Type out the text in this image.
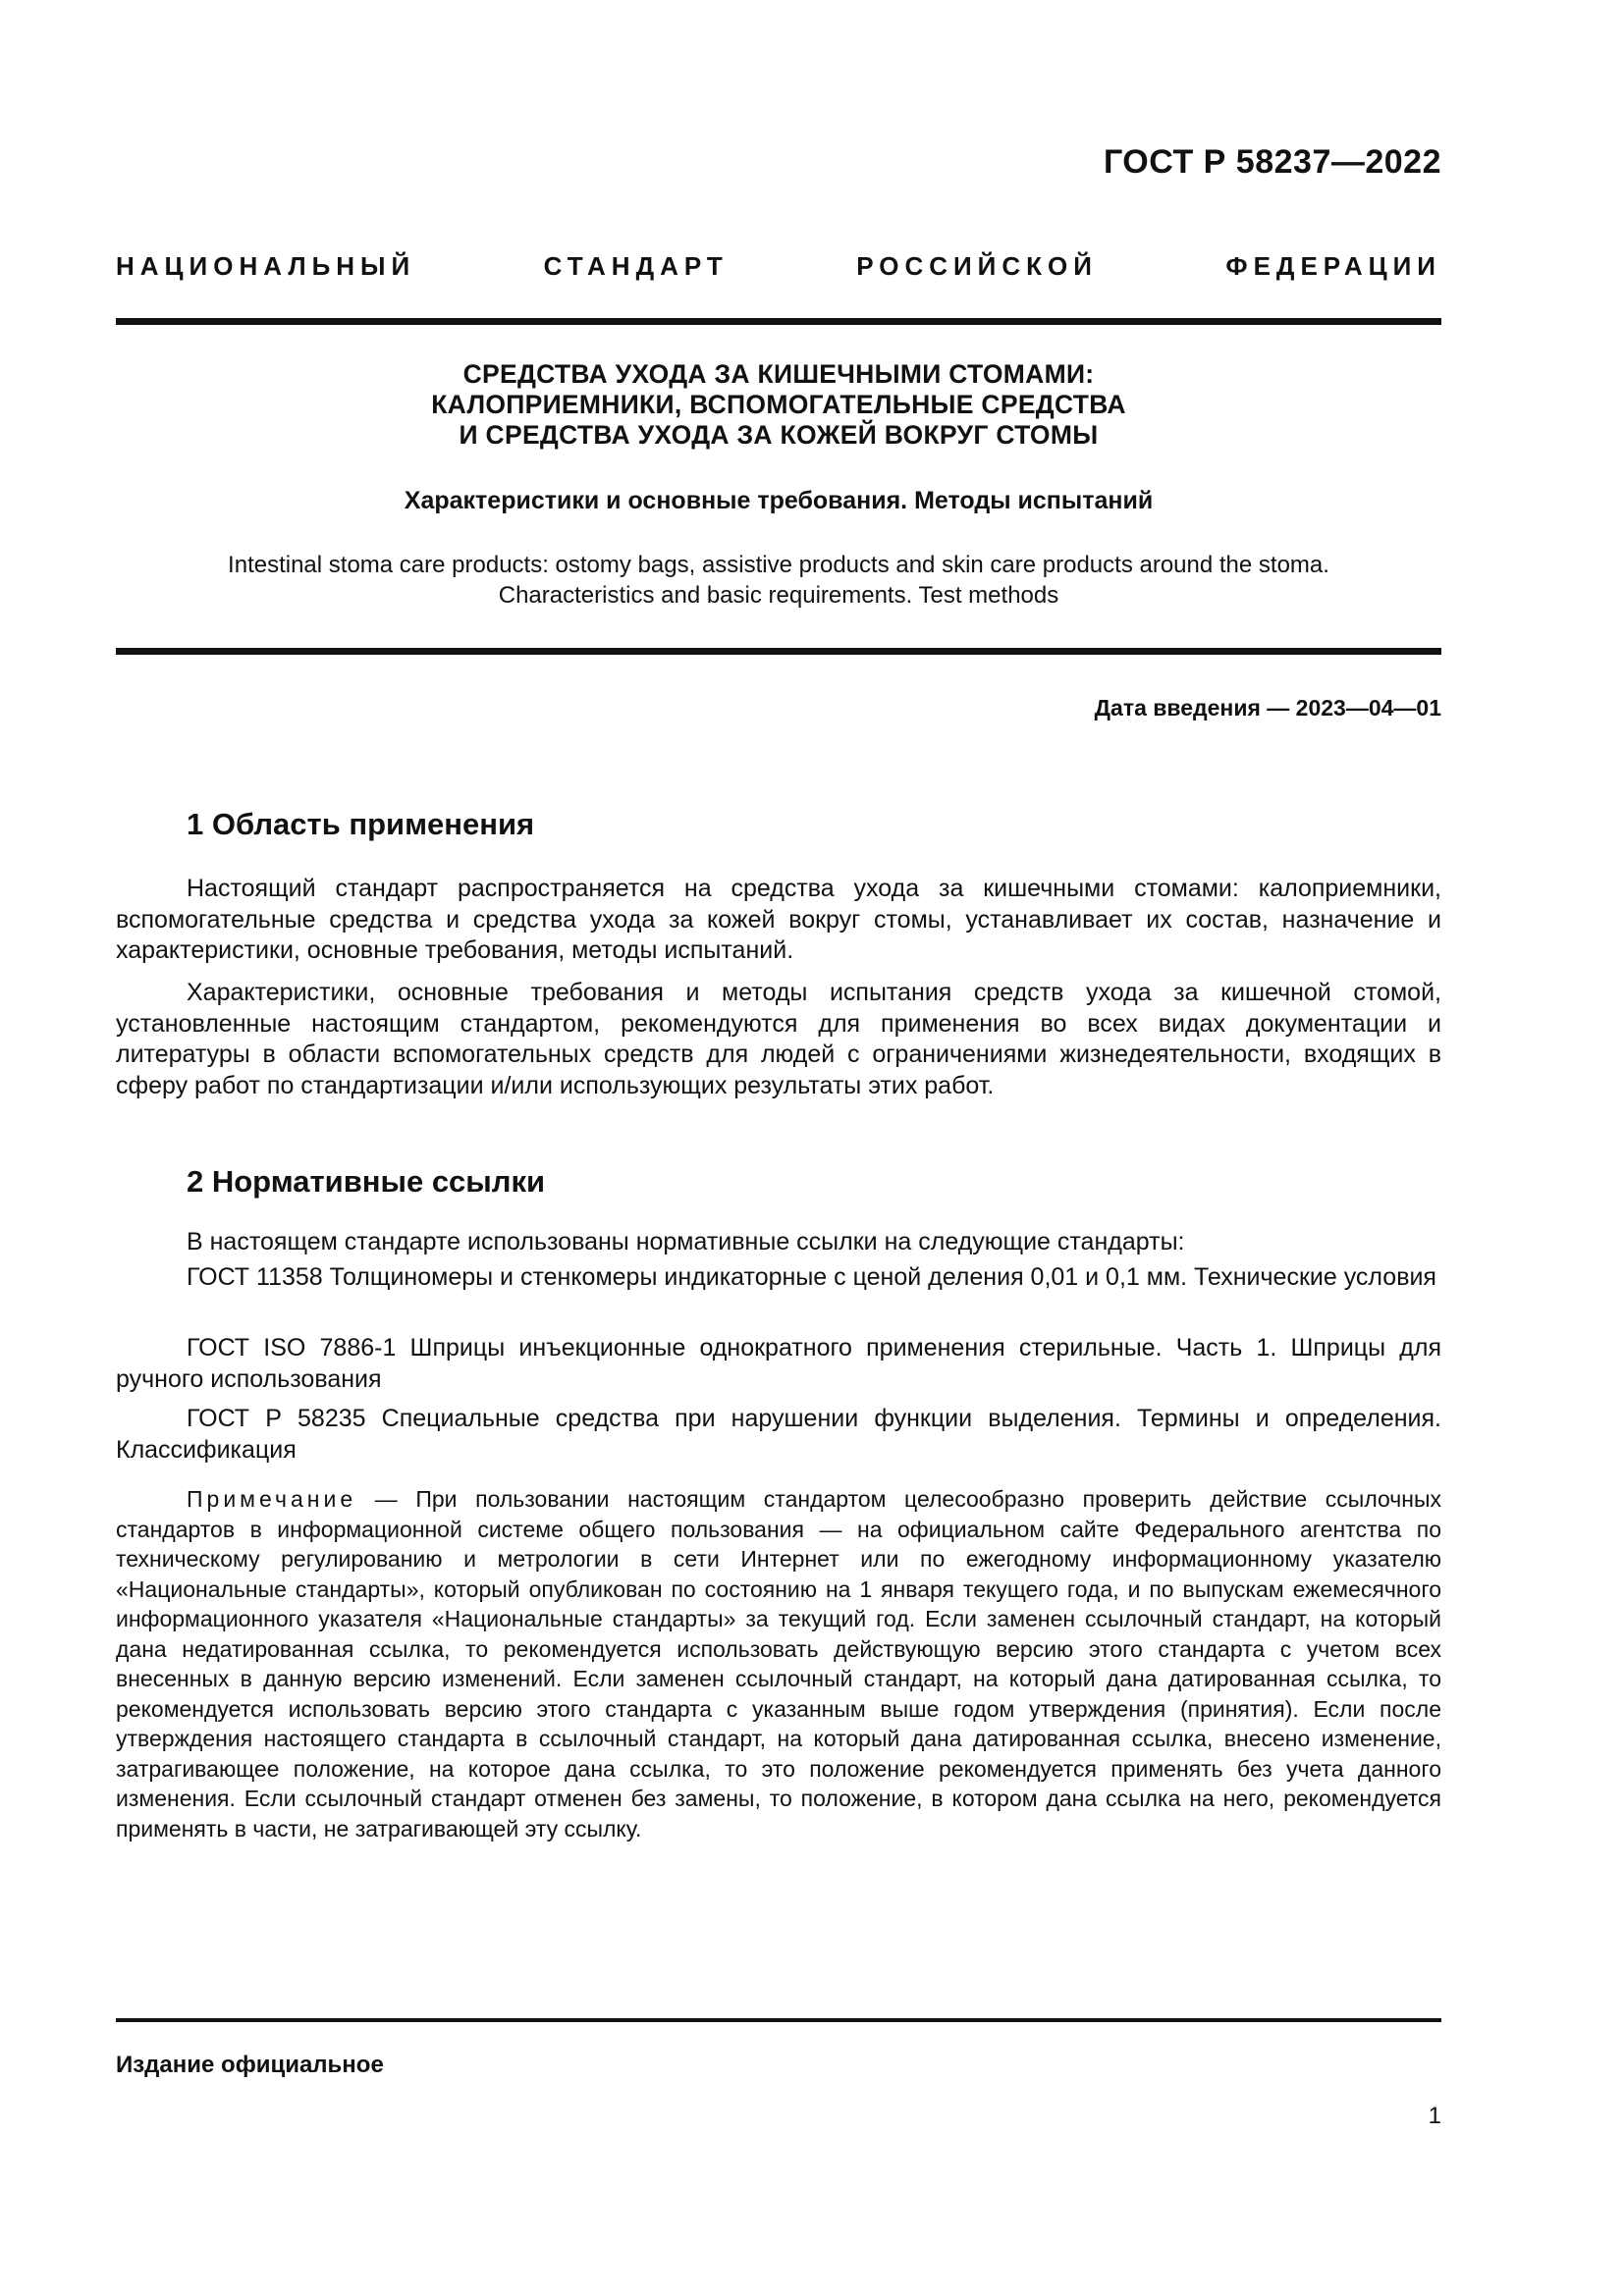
ГОСТ Р 58237—2022
НАЦИОНАЛЬНЫЙ СТАНДАРТ РОССИЙСКОЙ ФЕДЕРАЦИИ
СРЕДСТВА УХОДА ЗА КИШЕЧНЫМИ СТОМАМИ:
КАЛОПРИЕМНИКИ, ВСПОМОГАТЕЛЬНЫЕ СРЕДСТВА
И СРЕДСТВА УХОДА ЗА КОЖЕЙ ВОКРУГ СТОМЫ
Характеристики и основные требования. Методы испытаний
Intestinal stoma care products: ostomy bags, assistive products and skin care products around the stoma.
Characteristics and basic requirements. Test methods
Дата введения — 2023—04—01
1 Область применения
Настоящий стандарт распространяется на средства ухода за кишечными стомами: калоприемники, вспомогательные средства и средства ухода за кожей вокруг стомы, устанавливает их состав, назначение и характеристики, основные требования, методы испытаний.
Характеристики, основные требования и методы испытания средств ухода за кишечной стомой, установленные настоящим стандартом, рекомендуются для применения во всех видах документации и литературы в области вспомогательных средств для людей с ограничениями жизнедеятельности, входящих в сферу работ по стандартизации и/или использующих результаты этих работ.
2 Нормативные ссылки
В настоящем стандарте использованы нормативные ссылки на следующие стандарты:
ГОСТ 11358 Толщиномеры и стенкомеры индикаторные с ценой деления 0,01 и 0,1 мм. Технические условия
ГОСТ ISO 7886-1 Шприцы инъекционные однократного применения стерильные. Часть 1. Шприцы для ручного использования
ГОСТ Р 58235 Специальные средства при нарушении функции выделения. Термины и определения. Классификация
Примечание — При пользовании настоящим стандартом целесообразно проверить действие ссылочных стандартов в информационной системе общего пользования — на официальном сайте Федерального агентства по техническому регулированию и метрологии в сети Интернет или по ежегодному информационному указателю «Национальные стандарты», который опубликован по состоянию на 1 января текущего года, и по выпускам ежемесячного информационного указателя «Национальные стандарты» за текущий год. Если заменен ссылочный стандарт, на который дана недатированная ссылка, то рекомендуется использовать действующую версию этого стандарта с учетом всех внесенных в данную версию изменений. Если заменен ссылочный стандарт, на который дана датированная ссылка, то рекомендуется использовать версию этого стандарта с указанным выше годом утверждения (принятия). Если после утверждения настоящего стандарта в ссылочный стандарт, на который дана датированная ссылка, внесено изменение, затрагивающее положение, на которое дана ссылка, то это положение рекомендуется применять без учета данного изменения. Если ссылочный стандарт отменен без замены, то положение, в котором дана ссылка на него, рекомендуется применять в части, не затрагивающей эту ссылку.
Издание официальное
1
